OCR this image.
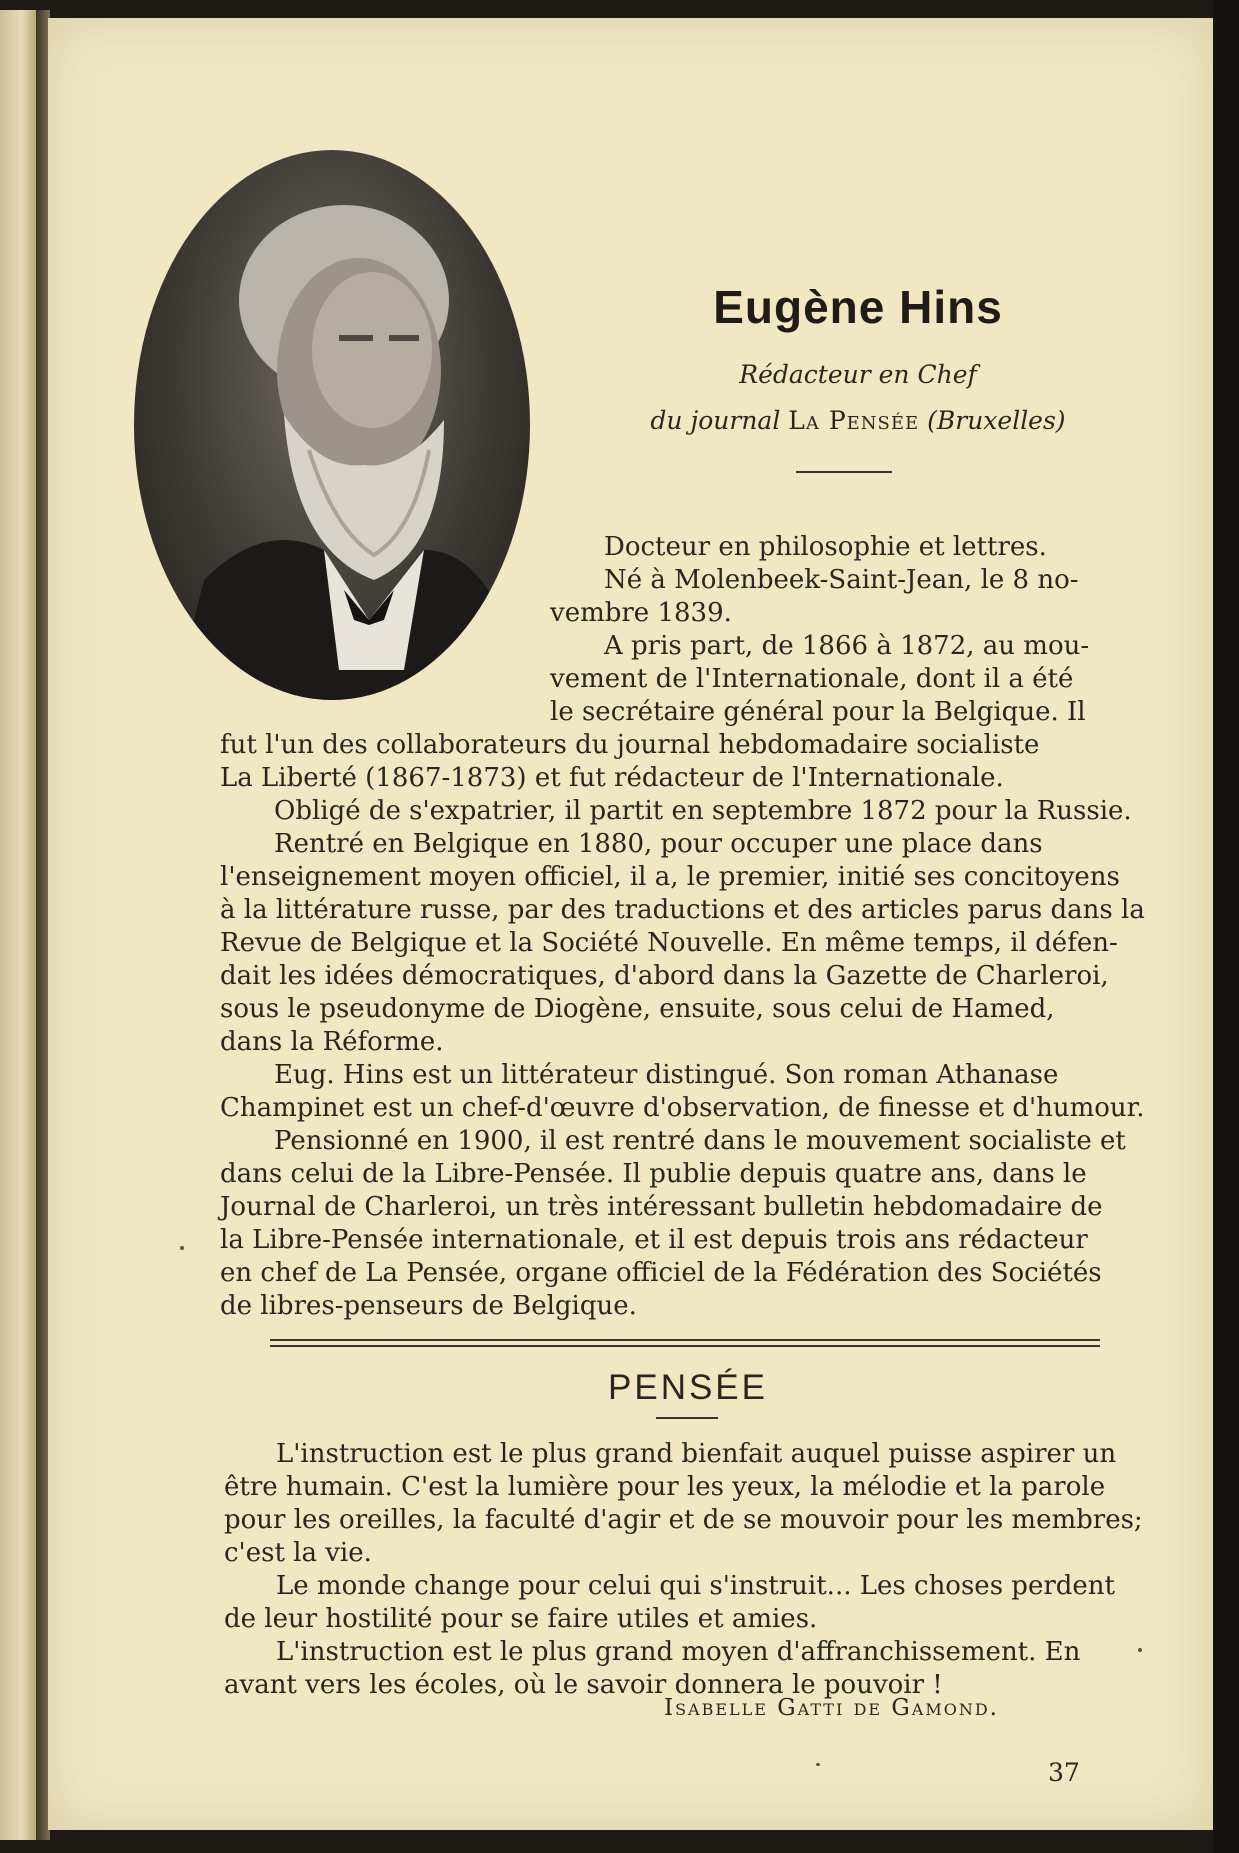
Eugène Hins
Rédacteur en Chef
du journal La Pensée (Bruxelles)
Docteur en philosophie et lettres.
Né à Molenbeek-Saint-Jean, le 8 no-
vembre 1839.
A pris part, de 1866 à 1872, au mou-
vement de l'Internationale, dont il a été
le secrétaire général pour la Belgique. Il
fut l'un des collaborateurs du journal hebdomadaire socialiste
La Liberté (1867-1873) et fut rédacteur de l'Internationale.
Obligé de s'expatrier, il partit en septembre 1872 pour la Russie.
Rentré en Belgique en 1880, pour occuper une place dans
l'enseignement moyen officiel, il a, le premier, initié ses concitoyens
à la littérature russe, par des traductions et des articles parus dans la
Revue de Belgique et la Société Nouvelle. En même temps, il défen-
dait les idées démocratiques, d'abord dans la Gazette de Charleroi,
sous le pseudonyme de Diogène, ensuite, sous celui de Hamed,
dans la Réforme.
Eug. Hins est un littérateur distingué. Son roman Athanase
Champinet est un chef-d'œuvre d'observation, de finesse et d'humour.
Pensionné en 1900, il est rentré dans le mouvement socialiste et
dans celui de la Libre-Pensée. Il publie depuis quatre ans, dans le
Journal de Charleroi, un très intéressant bulletin hebdomadaire de
la Libre-Pensée internationale, et il est depuis trois ans rédacteur
en chef de La Pensée, organe officiel de la Fédération des Sociétés
de libres-penseurs de Belgique.
PENSÉE
L'instruction est le plus grand bienfait auquel puisse aspirer un
être humain. C'est la lumière pour les yeux, la mélodie et la parole
pour les oreilles, la faculté d'agir et de se mouvoir pour les membres;
c'est la vie.
Le monde change pour celui qui s'instruit... Les choses perdent
de leur hostilité pour se faire utiles et amies.
L'instruction est le plus grand moyen d'affranchissement. En
avant vers les écoles, où le savoir donnera le pouvoir !
Isabelle Gatti de Gamond.
37
